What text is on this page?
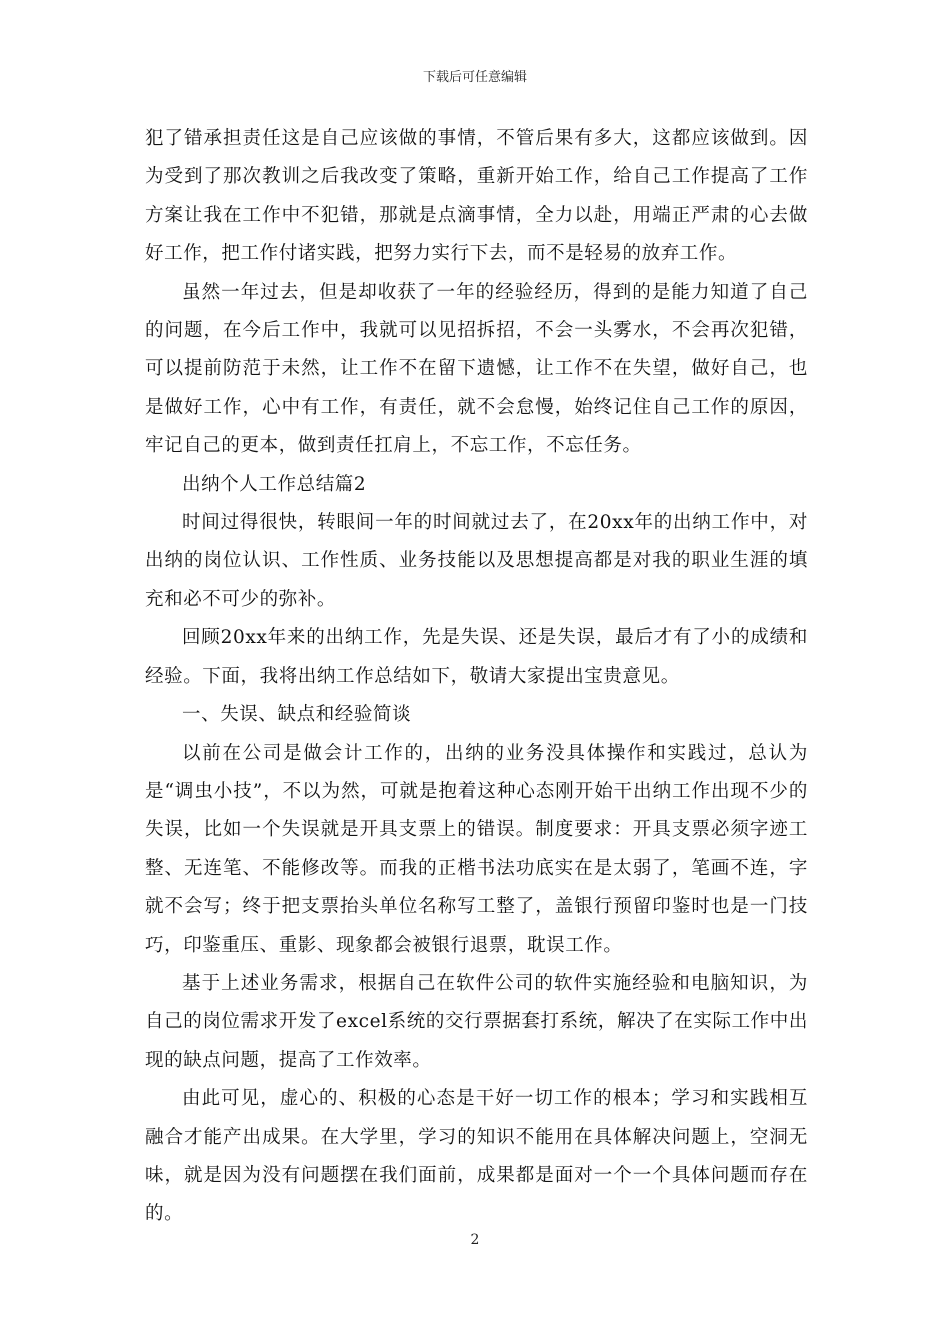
下载后可任意编辑

犯了错承担责任这是自己应该做的事情，不管后果有多大，这都应该做到。因为受到了那次教训之后我改变了策略，重新开始工作，给自己工作提高了工作方案让我在工作中不犯错，那就是点滴事情，全力以赴，用端正严肃的心去做好工作，把工作付诸实践，把努力实行下去，而不是轻易的放弃工作。

虽然一年过去，但是却收获了一年的经验经历，得到的是能力知道了自己的问题，在今后工作中，我就可以见招拆招，不会一头雾水，不会再次犯错，可以提前防范于未然，让工作不在留下遗憾，让工作不在失望，做好自己，也是做好工作，心中有工作，有责任，就不会怠慢，始终记住自己工作的原因，牢记自己的更本，做到责任扛肩上，不忘工作，不忘任务。

出纳个人工作总结篇2

时间过得很快，转眼间一年的时间就过去了，在20xx年的出纳工作中，对出纳的岗位认识、工作性质、业务技能以及思想提高都是对我的职业生涯的填充和必不可少的弥补。

回顾20xx年来的出纳工作，先是失误、还是失误，最后才有了小的成绩和经验。下面，我将出纳工作总结如下，敬请大家提出宝贵意见。

一、失误、缺点和经验简谈

以前在公司是做会计工作的，出纳的业务没具体操作和实践过，总认为是“调虫小技”，不以为然，可就是抱着这种心态刚开始干出纳工作出现不少的失误，比如一个失误就是开具支票上的错误。制度要求：开具支票必须字迹工整、无连笔、不能修改等。而我的正楷书法功底实在是太弱了，笔画不连，字就不会写；终于把支票抬头单位名称写工整了，盖银行预留印鉴时也是一门技巧，印鉴重压、重影、现象都会被银行退票，耽误工作。

基于上述业务需求，根据自己在软件公司的软件实施经验和电脑知识，为自己的岗位需求开发了excel系统的交行票据套打系统，解决了在实际工作中出现的缺点问题，提高了工作效率。

由此可见，虚心的、积极的心态是干好一切工作的根本；学习和实践相互融合才能产出成果。在大学里，学习的知识不能用在具体解决问题上，空洞无味，就是因为没有问题摆在我们面前，成果都是面对一个一个具体问题而存在的。

2
